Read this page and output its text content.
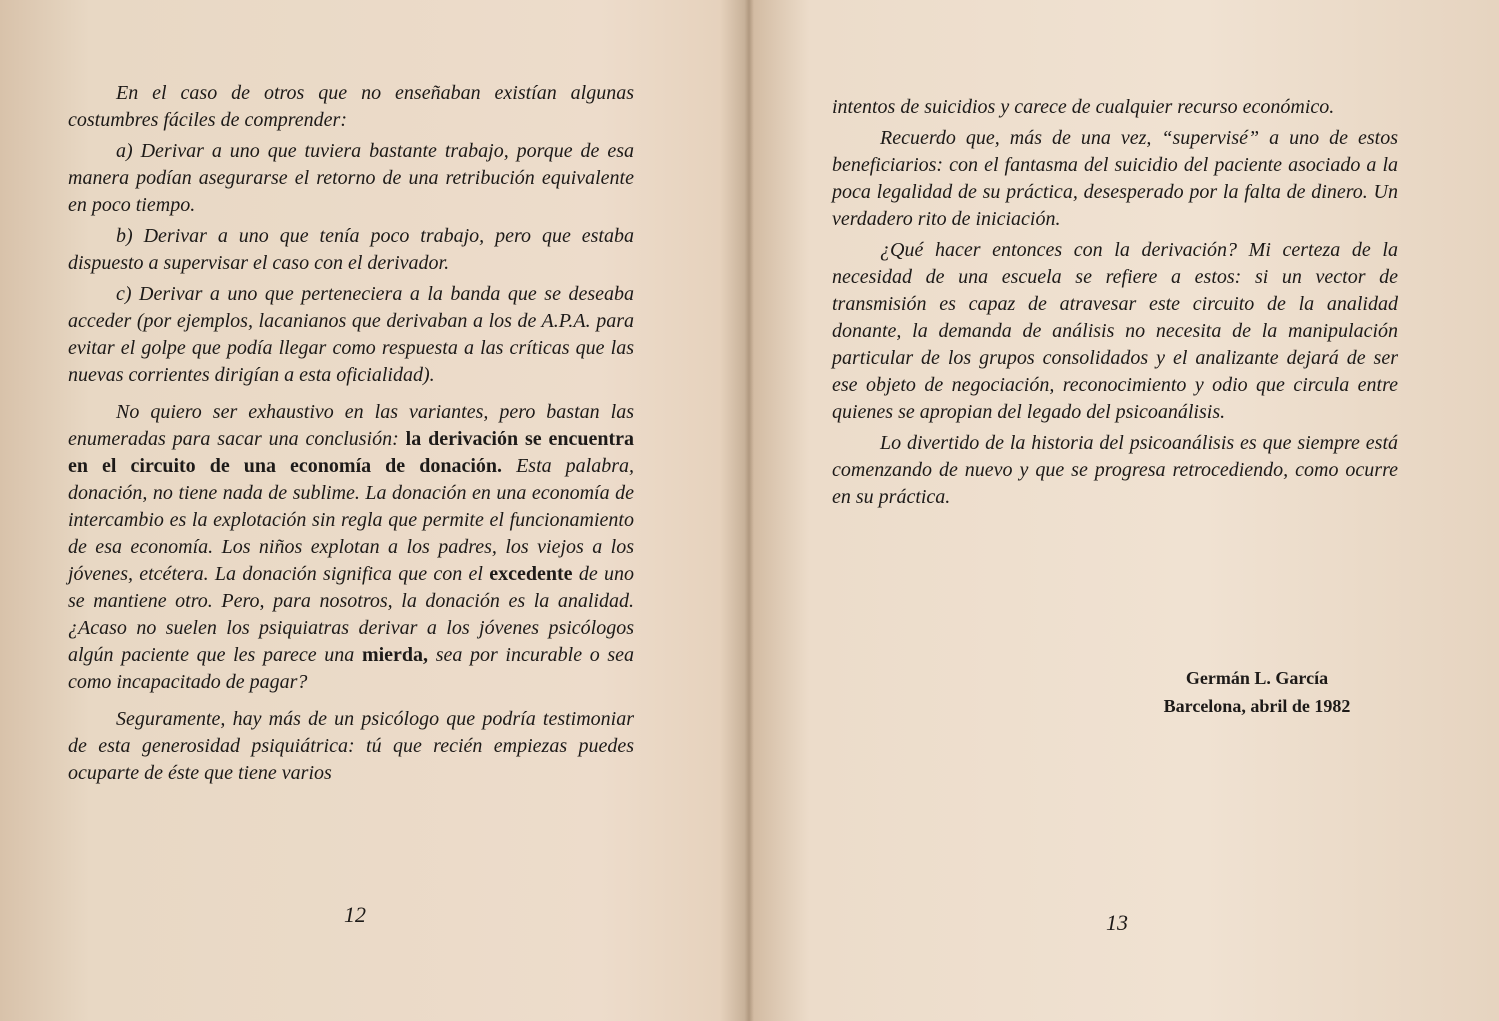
En el caso de otros que no enseñaban existían algunas costumbres fáciles de comprender:

a) Derivar a uno que tuviera bastante trabajo, porque de esa manera podían asegurarse el retorno de una retribución equivalente en poco tiempo.

b) Derivar a uno que tenía poco trabajo, pero que estaba dispuesto a supervisar el caso con el derivador.

c) Derivar a uno que perteneciera a la banda que se deseaba acceder (por ejemplos, lacanianos que derivaban a los de A.P.A. para evitar el golpe que podía llegar como respuesta a las críticas que las nuevas corrientes dirigían a esta oficialidad).

No quiero ser exhaustivo en las variantes, pero bastan las enumeradas para sacar una conclusión: la derivación se encuentra en el circuito de una economía de donación. Esta palabra, donación, no tiene nada de sublime. La donación en una economía de intercambio es la explotación sin regla que permite el funcionamiento de esa economía. Los niños explotan a los padres, los viejos a los jóvenes, etcétera. La donación significa que con el excedente de uno se mantiene otro. Pero, para nosotros, la donación es la analidad. ¿Acaso no suelen los psiquiatras derivar a los jóvenes psicólogos algún paciente que les parece una mierda, sea por incurable o sea como incapacitado de pagar?

Seguramente, hay más de un psicólogo que podría testimoniar de esta generosidad psiquiátrica: tú que recién empiezas puedes ocuparte de éste que tiene varios

12

intentos de suicidios y carece de cualquier recurso económico.

Recuerdo que, más de una vez, “supervisé” a uno de estos beneficiarios: con el fantasma del suicidio del paciente asociado a la poca legalidad de su práctica, desesperado por la falta de dinero. Un verdadero rito de iniciación.

¿Qué hacer entonces con la derivación? Mi certeza de la necesidad de una escuela se refiere a estos: si un vector de transmisión es capaz de atravesar este circuito de la analidad donante, la demanda de análisis no necesita de la manipulación particular de los grupos consolidados y el analizante dejará de ser ese objeto de negociación, reconocimiento y odio que circula entre quienes se apropian del legado del psicoanálisis.

Lo divertido de la historia del psicoanálisis es que siempre está comenzando de nuevo y que se progresa retrocediendo, como ocurre en su práctica.

Germán L. García
Barcelona, abril de 1982
13
